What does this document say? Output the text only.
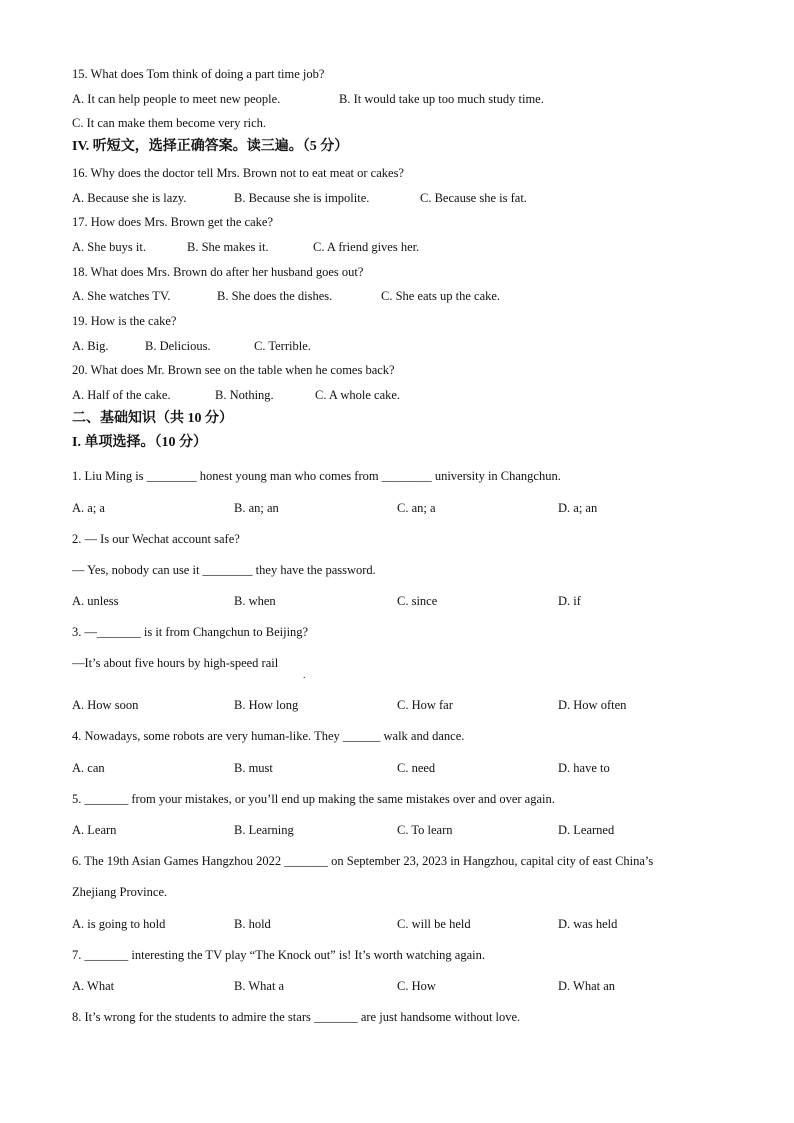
15. What does Tom think of doing a part time job?
A. It can help people to meet new people.	B. It would take up too much study time.
C. It can make them become very rich.
IV. 听短文，选择正确答案。读三遍。（5 分）
16. Why does the doctor tell Mrs. Brown not to eat meat or cakes?
A. Because she is lazy.	B. Because she is impolite.	C. Because she is fat.
17. How does Mrs. Brown get the cake?
A. She buys it.	B. She makes it.	C. A friend gives her.
18. What does Mrs. Brown do after her husband goes out?
A. She watches TV.	B. She does the dishes.	C. She eats up the cake.
19. How is the cake?
A. Big.	B. Delicious.	C. Terrible.
20. What does Mr. Brown see on the table when he comes back?
A. Half of the cake.	B. Nothing.	C. A whole cake.
二、基础知识（共 10 分）
I. 单项选择。（10 分）
1. Liu Ming is ________ honest young man who comes from ________ university in Changchun.
A. a; a	B. an; an	C. an; a	D. a; an
2. — Is our Wechat account safe?
— Yes, nobody can use it ________ they have the password.
A. unless	B. when	C. since	D. if
3. —_______ is it from Changchun to Beijing?
—It’s about five hours by high-speed rail
.
A. How soon	B. How long	C. How far	D. How often
4. Nowadays, some robots are very human-like. They ______ walk and dance.
A. can	B. must	C. need	D. have to
5. _______ from your mistakes, or you’ll end up making the same mistakes over and over again.
A. Learn	B. Learning	C. To learn	D. Learned
6. The 19th Asian Games Hangzhou 2022 _______ on September 23, 2023 in Hangzhou, capital city of east China’s
Zhejiang Province.
A. is going to hold	B. hold	C. will be held	D. was held
7. _______ interesting the TV play “The Knock out” is! It’s worth watching again.
A. What	B. What a	C. How	D. What an
8. It’s wrong for the students to admire the stars _______ are just handsome without love.
